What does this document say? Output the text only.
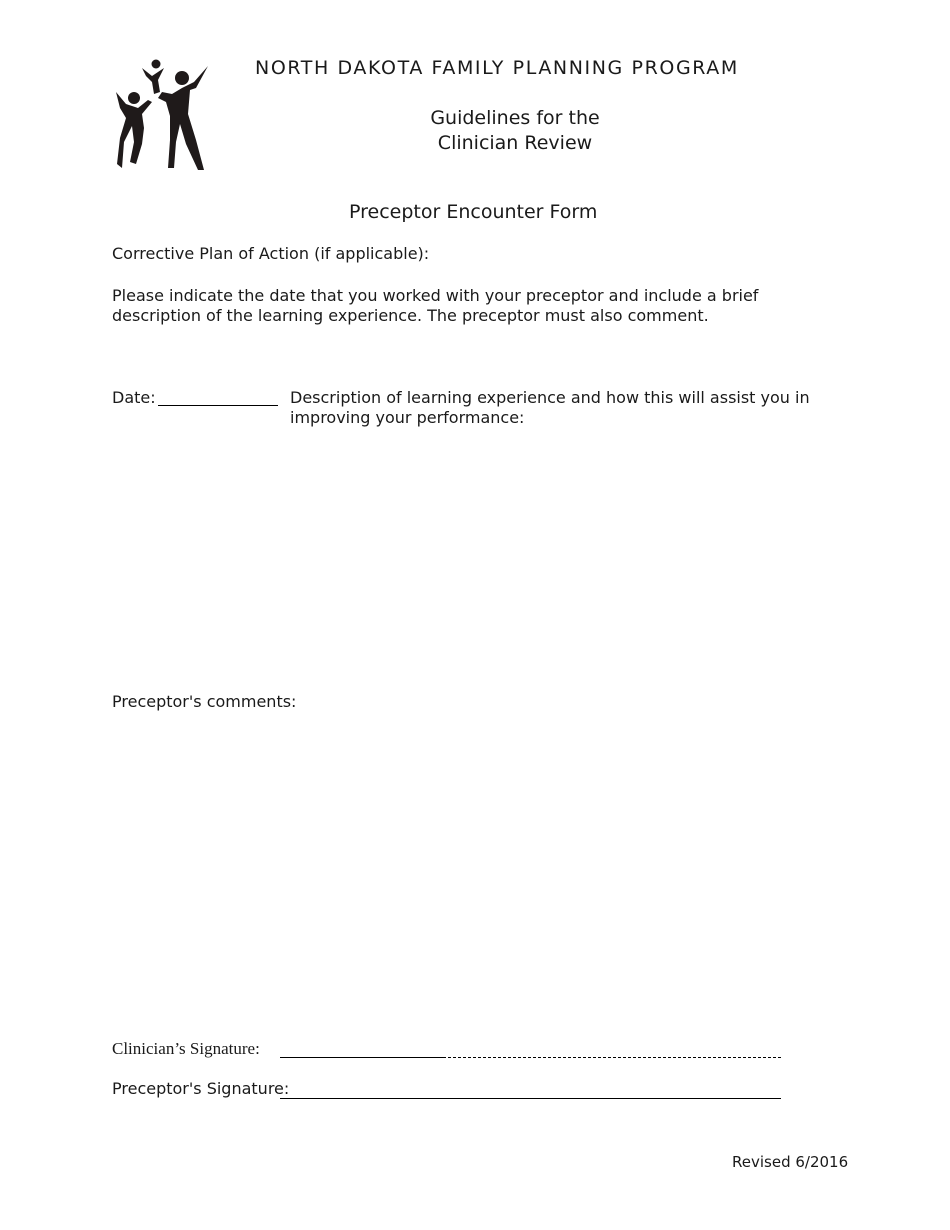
NORTH DAKOTA FAMILY PLANNING PROGRAM
Guidelines for the
Clinician Review
Preceptor Encounter Form
Corrective Plan of Action (if applicable):
Please indicate the date that you worked with your preceptor and include a brief description of the learning experience. The preceptor must also comment.
Date:	Description of learning experience and how this will assist you in improving your performance:
Preceptor's comments:
Clinician’s Signature:
Preceptor's Signature:
Revised 6/2016
